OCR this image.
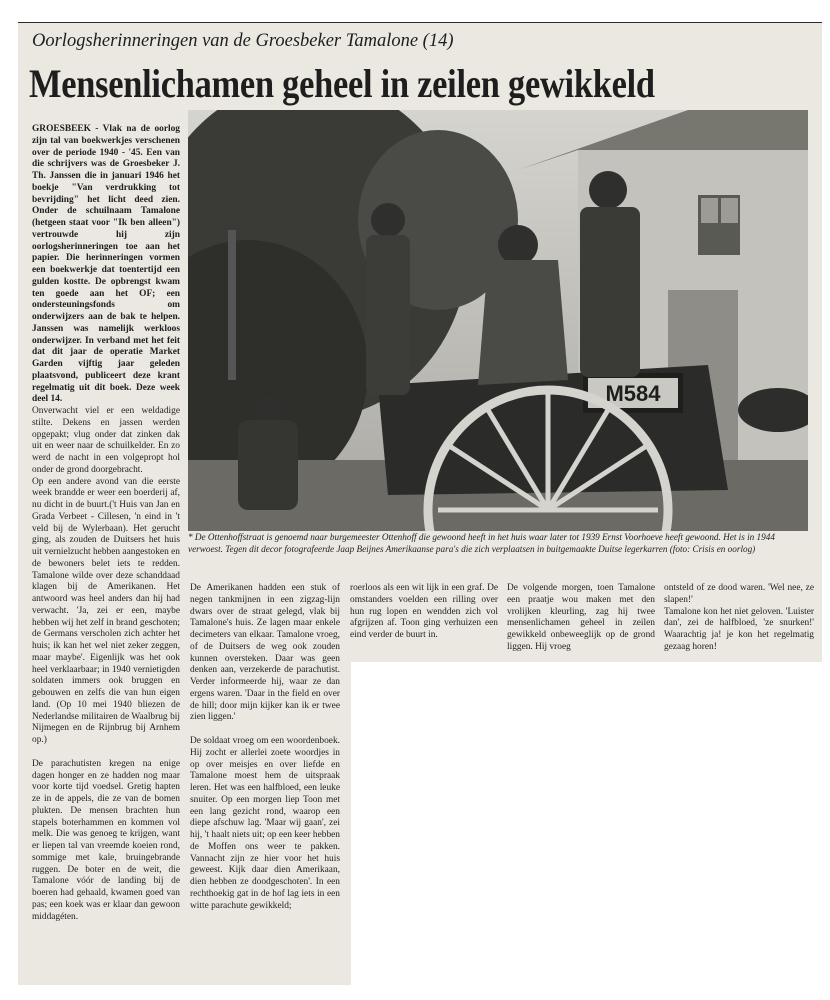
Oorlogsherinneringen van de Groesbeker Tamalone (14)
Mensenlichamen geheel in zeilen gewikkeld
M584
* De Ottenhoffstraat is genoemd naar burgemeester Ottenhoff die gewoond heeft in het huis waar later tot 1939 Ernst Voorhoeve heeft gewoond. Het is in 1944 verwoest. Tegen dit decor fotografeerde Jaap Beijnes Amerikaanse para's die zich verplaatsen in buitgemaakte Duitse legerkarren (foto: Crisis en oorlog)

GROESBEEK - Vlak na de oorlog zijn tal van boekwerkjes verschenen over de periode 1940 - '45. Een van die schrijvers was de Groesbeker J. Th. Janssen die in januari 1946 het boekje "Van verdrukking tot bevrijding" het licht deed zien. Onder de schuilnaam Tamalone (hetgeen staat voor "Ik ben alleen") vertrouwde hij zijn oorlogsherinneringen toe aan het papier. Die herinneringen vormen een boekwerkje dat toentertijd een gulden kostte. De opbrengst kwam ten goede aan het OF; een ondersteuningsfonds om onderwijzers aan de bak te helpen. Janssen was namelijk werkloos onderwijzer. In verband met het feit dat dit jaar de operatie Market Garden vijftig jaar geleden plaatsvond, publiceert deze krant regelmatig uit dit boek. Deze week deel 14.

Onverwacht viel er een weldadige stilte. Dekens en jassen werden opgepakt; vlug onder dat zinken dak uit en weer naar de schuilkelder. En zo werd de nacht in een volgepropt hol onder de grond doorgebracht.

Op een andere avond van die eerste week brandde er weer een boerderij af, nu dicht in de buurt.('t Huis van Jan en Grada Verbeet - Cillesen, 'n eind in 't veld bij de Wylerbaan). Het gerucht ging, als zouden de Duitsers het huis uit vernielzucht hebben aangestoken en de bewoners belet iets te redden. Tamalone wilde over deze schanddaad klagen bij de Amerikanen. Het antwoord was heel anders dan hij had verwacht. 'Ja, zei er een, maybe hebben wij het zelf in brand geschoten; de Germans verscholen zich achter het huis; ik kan het wel niet zeker zeggen, maar maybe'. Eigenlijk was het ook heel verklaarbaar; in 1940 vernietigden soldaten immers ook bruggen en gebouwen en zelfs die van hun eigen land. (Op 10 mei 1940 bliezen de Nederlandse militairen de Waalbrug bij Nijmegen en de Rijnbrug bij Arnhem op.)

De parachutisten kregen na enige dagen honger en ze hadden nog maar voor korte tijd voedsel. Gretig hapten ze in de appels, die ze van de bomen plukten. De mensen brachten hun stapels boterhammen en kommen vol melk. Die was genoeg te krijgen, want er liepen tal van vreemde koeien rond, sommige met kale, bruingebrande ruggen. De boter en de weit, die Tamalone vóór de landing bij de boeren had gehaald, kwamen goed van pas; een koek was er klaar dan gewoon middagéten.

De Amerikanen hadden een stuk of negen tankmijnen in een zigzag-lijn dwars over de straat gelegd, vlak bij Tamalone's huis. Ze lagen maar enkele decimeters van elkaar. Tamalone vroeg, of de Duitsers de weg ook zouden kunnen oversteken. Daar was geen denken aan, verzekerde de parachutist. Verder informeerde hij, waar ze dan ergens waren. 'Daar in the field en over de hill; door mijn kijker kan ik er twee zien liggen.'

De soldaat vroeg om een woordenboek. Hij zocht er allerlei zoete woordjes in op over meisjes en over liefde en Tamalone moest hem de uitspraak leren. Het was een halfbloed, een leuke snuiter. Op een morgen liep Toon met een lang gezicht rond, waarop een diepe afschuw lag. 'Maar wij gaan', zei hij, 't haalt niets uit; op een keer hebben de Moffen ons weer te pakken. Vannacht zijn ze hier voor het huis geweest. Kijk daar dien Amerikaan, dien hebben ze doodgeschoten'. In een rechthoekig gat in de hof lag iets in een witte parachute gewikkeld;

roerloos als een wit lijk in een graf. De omstanders voelden een rilling over hun rug lopen en wendden zich vol afgrijzen af. Toon ging verhuizen een eind verder de buurt in.

De volgende morgen, toen Tamalone een praatje wou maken met den vrolijken kleurling, zag hij twee mensenlichamen geheel in zeilen gewikkeld onbeweeglijk op de grond liggen. Hij vroeg

ontsteld of ze dood waren. 'Wel nee, ze slapen!'

Tamalone kon het niet geloven. 'Luister dan', zei de halfbloed, 'ze snurken!' Waarachtig ja! je kon het regelmatig gezaag horen!
